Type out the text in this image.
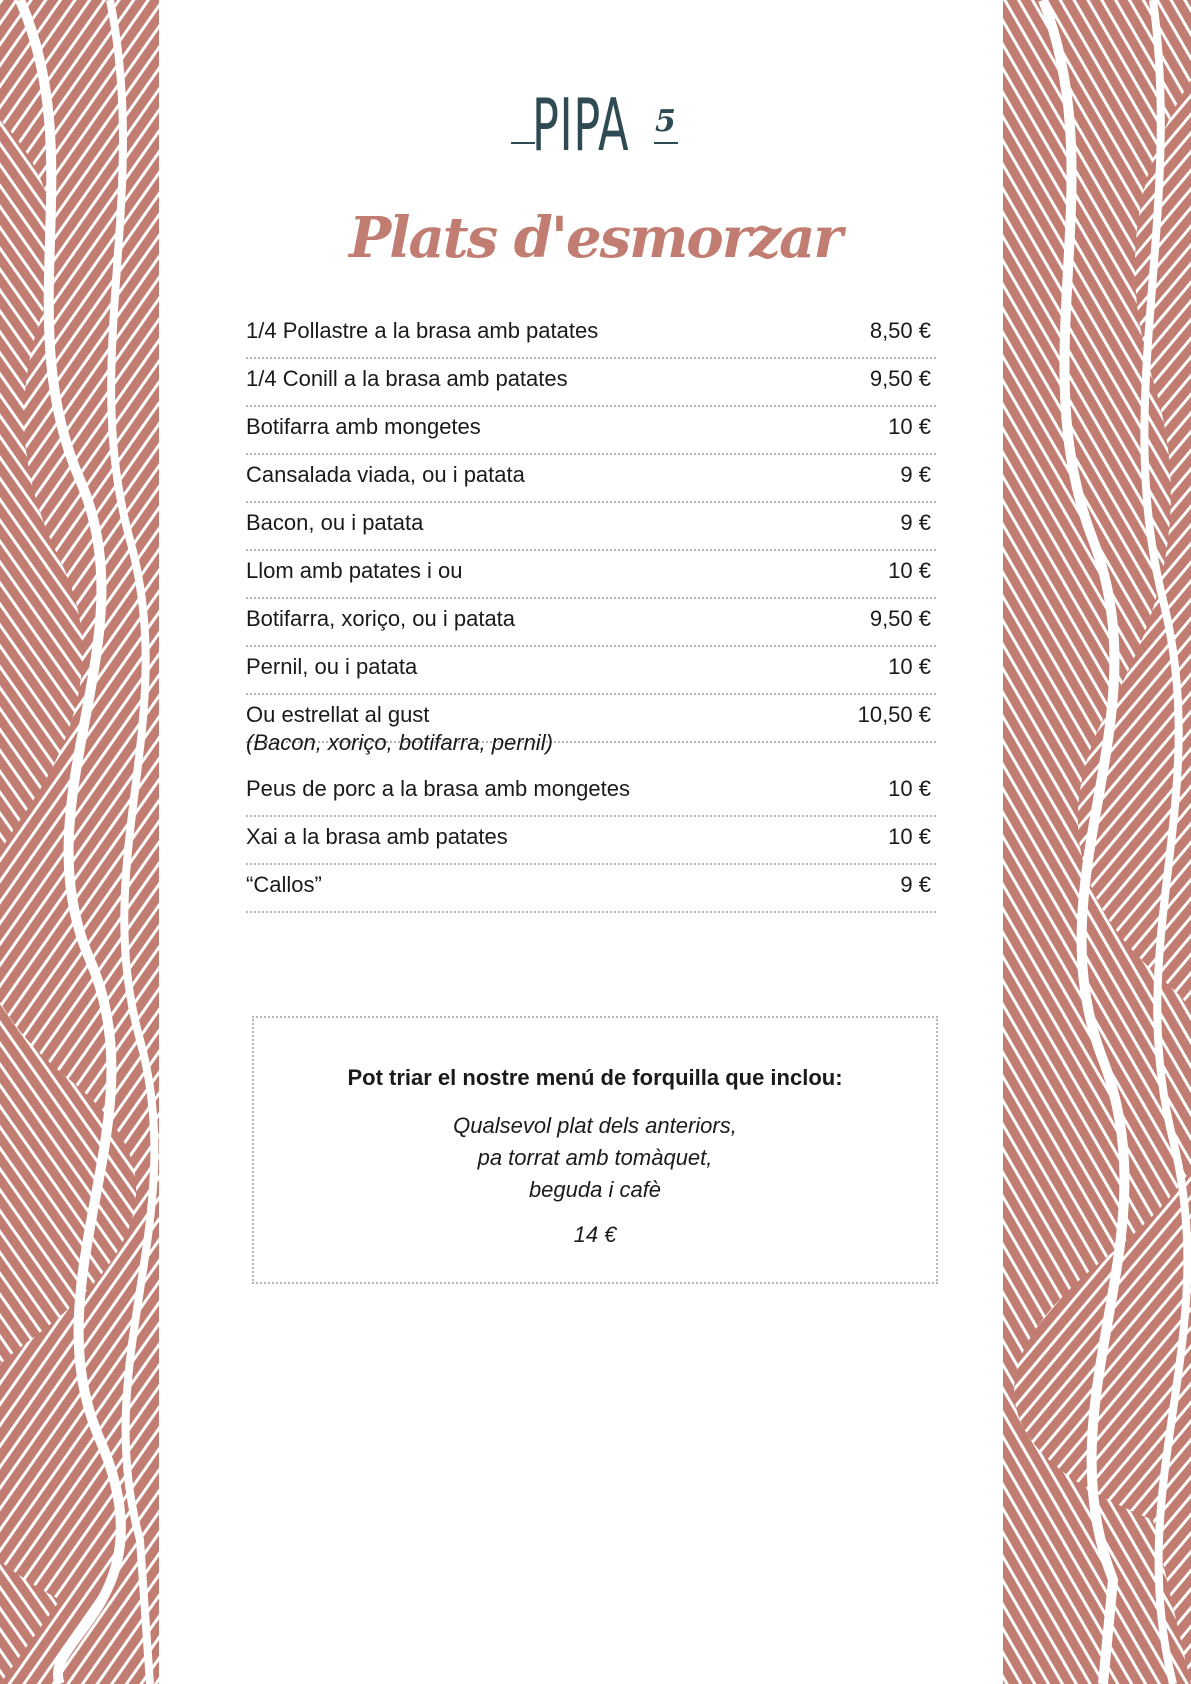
PIPA 5
Plats d'esmorzar
1/4 Pollastre a la brasa amb patates	8,50 €
1/4 Conill a la brasa amb patates	9,50 €
Botifarra amb mongetes	10 €
Cansalada viada, ou i patata	9 €
Bacon, ou i patata	9 €
Llom amb patates i ou	10 €
Botifarra, xoriço, ou i patata	9,50 €
Pernil, ou i patata	10 €
Ou estrellat al gust	10,50 €
(Bacon, xoriço, botifarra, pernil)
Peus de porc a la brasa amb mongetes	10 €
Xai a la brasa amb patates	10 €
“Callos”	9 €
Pot triar el nostre menú de forquilla que inclou:
Qualsevol plat dels anteriors,
pa torrat amb tomàquet,
beguda i cafè
14 €
